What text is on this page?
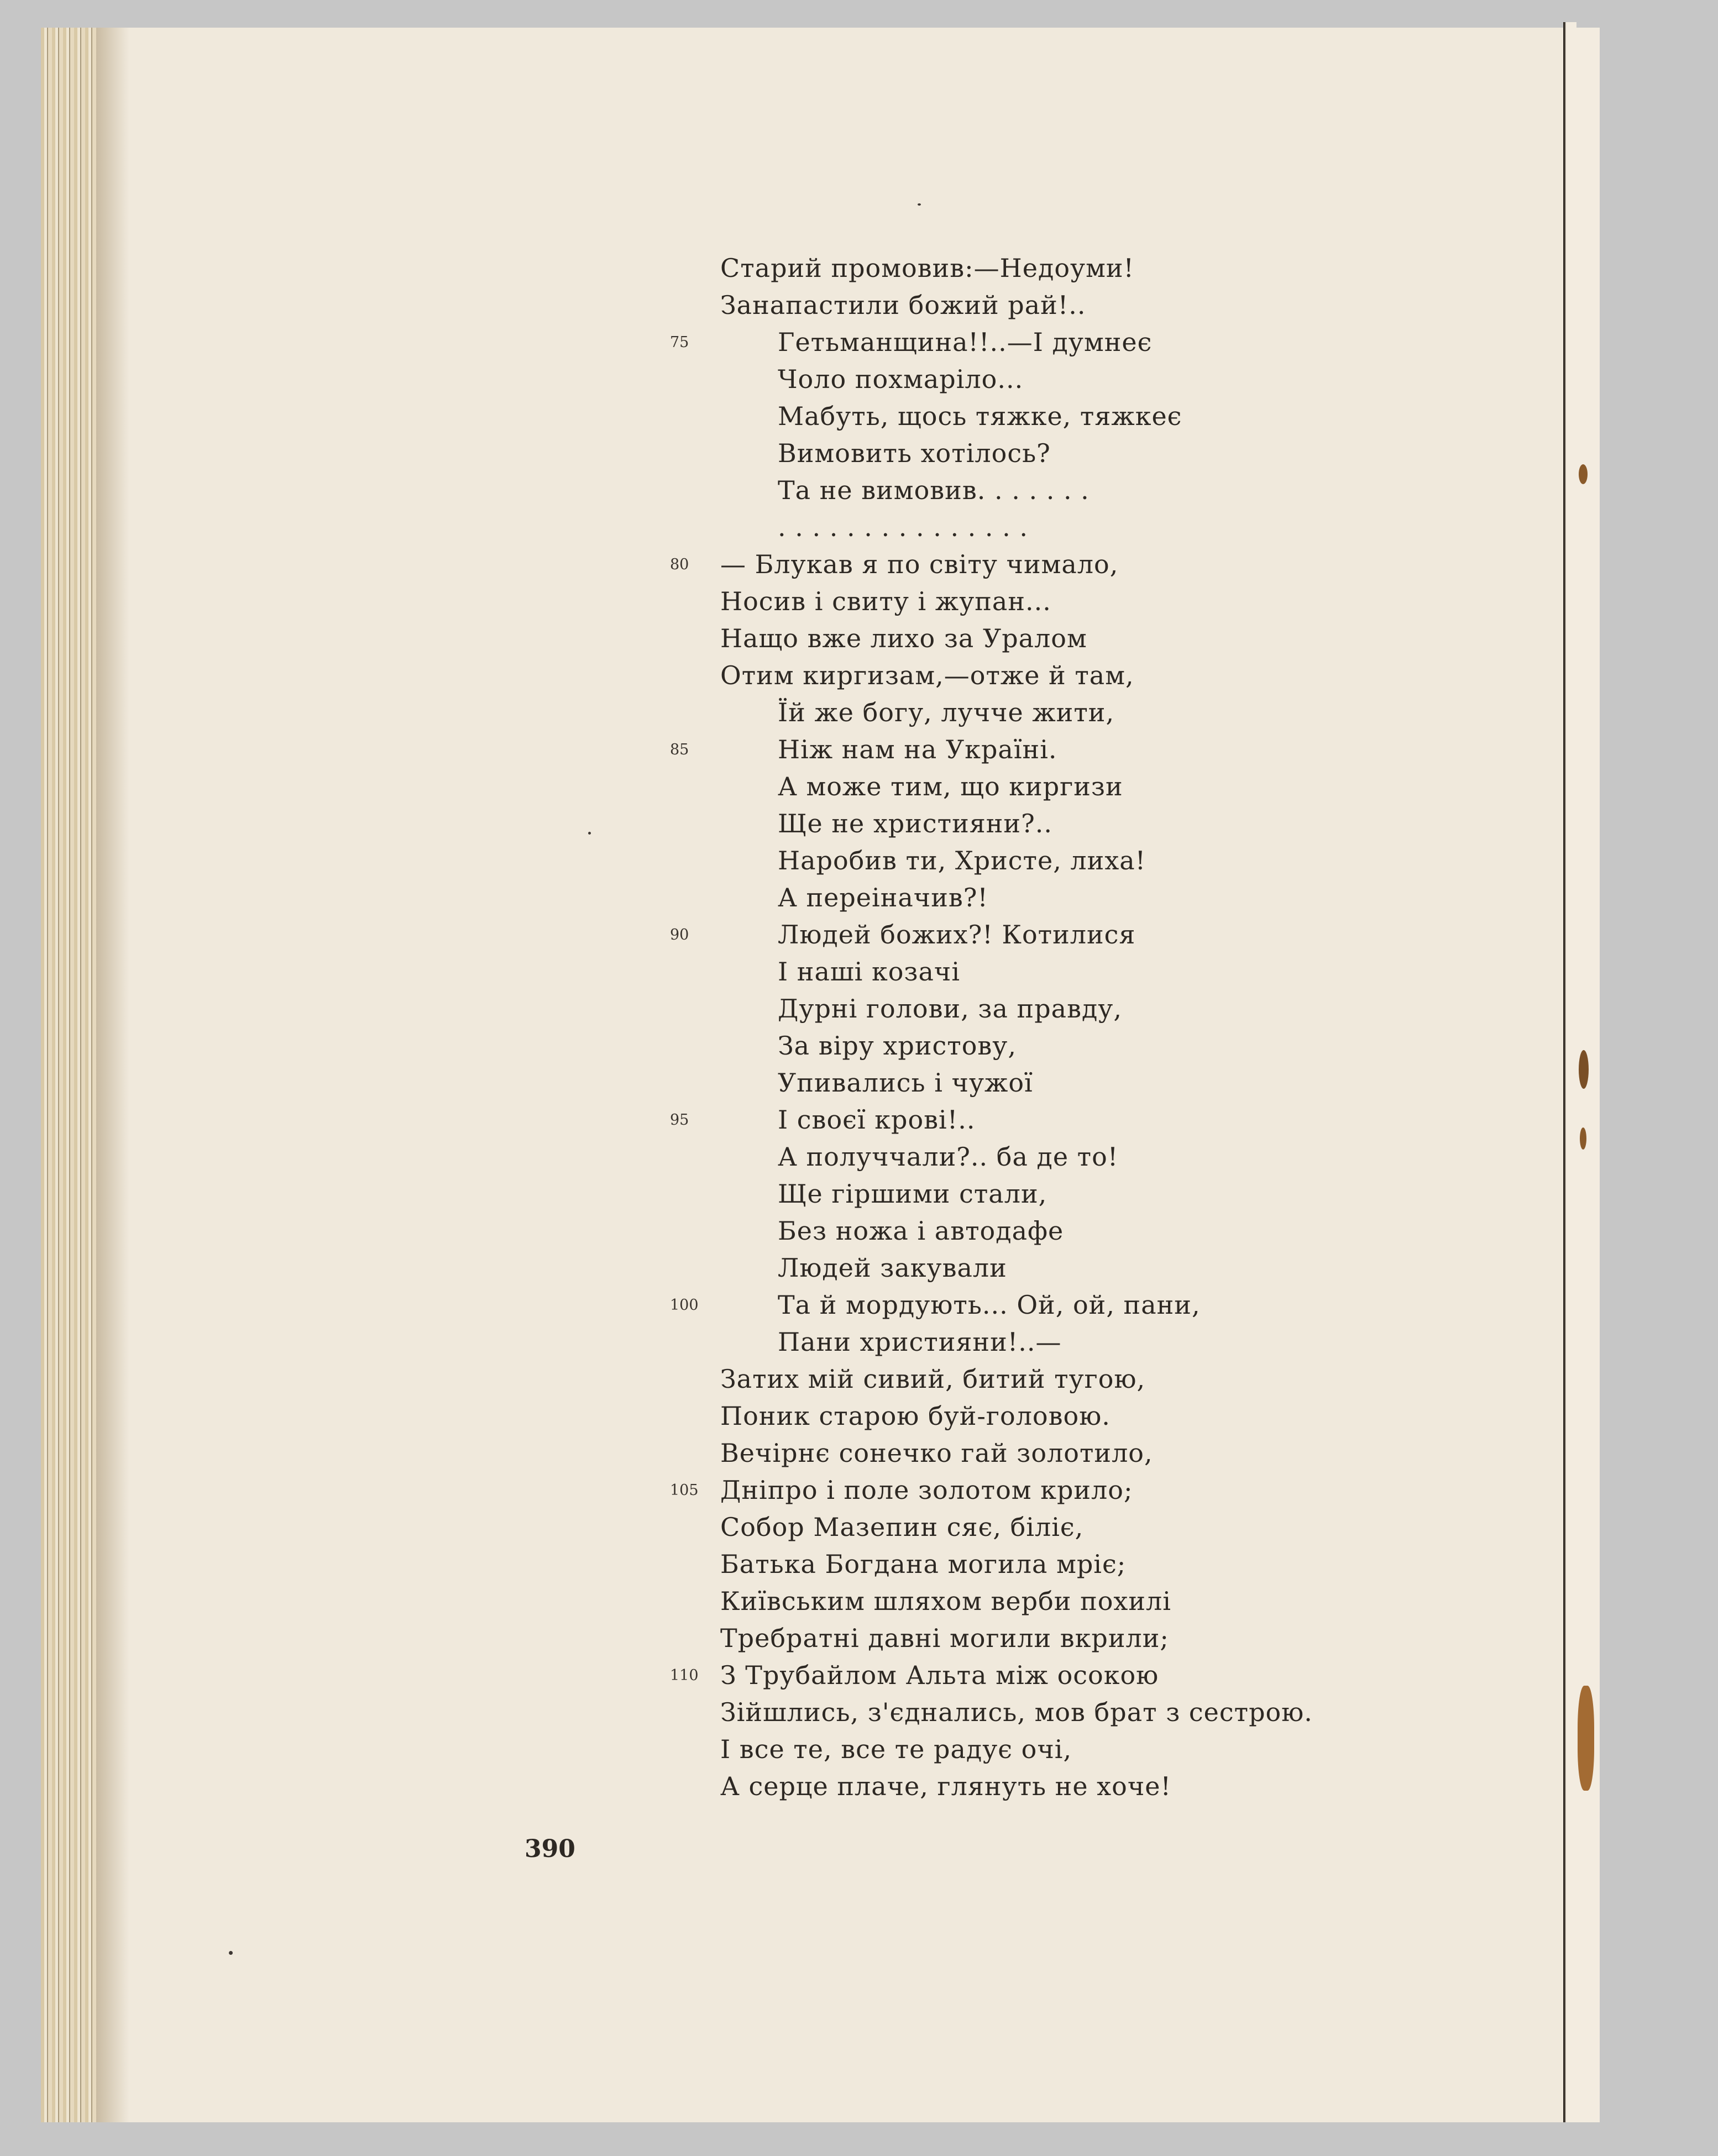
Старий промовив:—Недоуми!
Занапастили божий рай!..
75	Гетьманщина!!..—І думнеє
Чоло похмаріло...
Мабуть, щось тяжке, тяжкеє
Вимовить хотілось?
Та не вимовив. . . . . . .
. . . . . . . . . . . . . . .
80	— Блукав я по світу чимало,
Носив і свиту і жупан...
Нащо вже лихо за Уралом
Отим киргизам,—отже й там,
Їй же богу, лучче жити,
85	Ніж нам на Україні.
А може тим, що киргизи
Ще не християни?..
Наробив ти, Христе, лиха!
А переіначив?!
90	Людей божих?! Котилися
І наші козачі
Дурні голови, за правду,
За віру христову,
Упивались і чужої
95	І своєї крові!..
А получчали?.. ба де то!
Ще гіршими стали,
Без ножа і автодафе
Людей закували
100	Та й мордують... Ой, ой, пани,
Пани християни!..—
Затих мій сивий, битий тугою,
Поник старою буй-головою.
Вечірнє сонечко гай золотило,
105 Дніпро і поле золотом крило;
Собор Мазепин сяє, біліє,
Батька Богдана могила мріє;
Київським шляхом верби похилі
Требратні давні могили вкрили;
110 З Трубайлом Альта між осокою
Зійшлись, з'єднались, мов брат з сестрою.
І все те, все те радує очі,
А серце плаче, глянуть не хоче!

390
